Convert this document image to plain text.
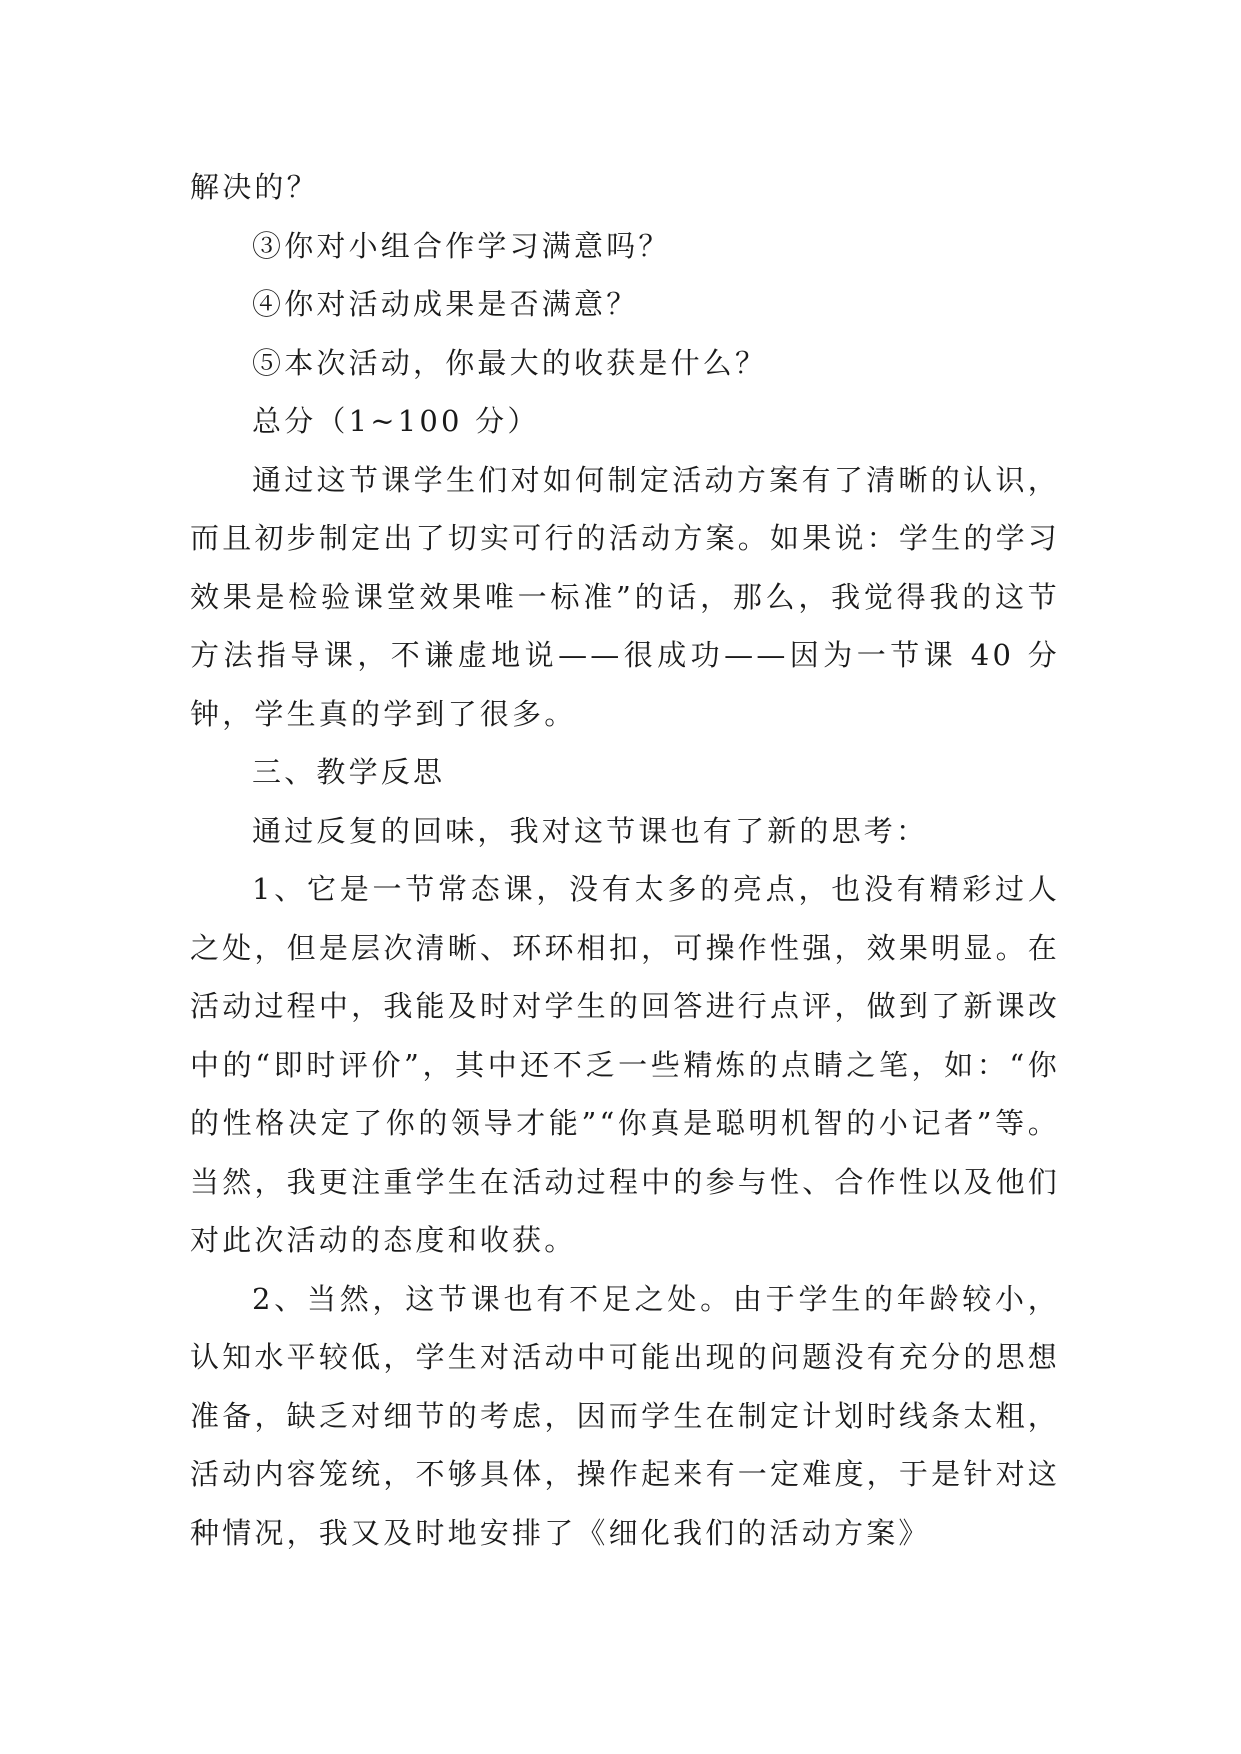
解决的？

③你对小组合作学习满意吗？

④你对活动成果是否满意？

⑤本次活动，你最大的收获是什么？

总分（1~100 分）

通过这节课学生们对如何制定活动方案有了清晰的认识，而且初步制定出了切实可行的活动方案。如果说：学生的学习效果是检验课堂效果唯一标准”的话，那么，我觉得我的这节方法指导课，不谦虚地说——很成功——因为一节课 40 分钟，学生真的学到了很多。

三、教学反思

通过反复的回味，我对这节课也有了新的思考：

1、它是一节常态课，没有太多的亮点，也没有精彩过人之处，但是层次清晰、环环相扣，可操作性强，效果明显。在活动过程中，我能及时对学生的回答进行点评，做到了新课改中的“即时评价”，其中还不乏一些精炼的点睛之笔，如：“你的性格决定了你的领导才能”“你真是聪明机智的小记者”等。当然，我更注重学生在活动过程中的参与性、合作性以及他们对此次活动的态度和收获。

2、当然，这节课也有不足之处。由于学生的年龄较小，认知水平较低，学生对活动中可能出现的问题没有充分的思想准备，缺乏对细节的考虑，因而学生在制定计划时线条太粗，活动内容笼统，不够具体，操作起来有一定难度，于是针对这种情况，我又及时地安排了《细化我们的活动方案》
